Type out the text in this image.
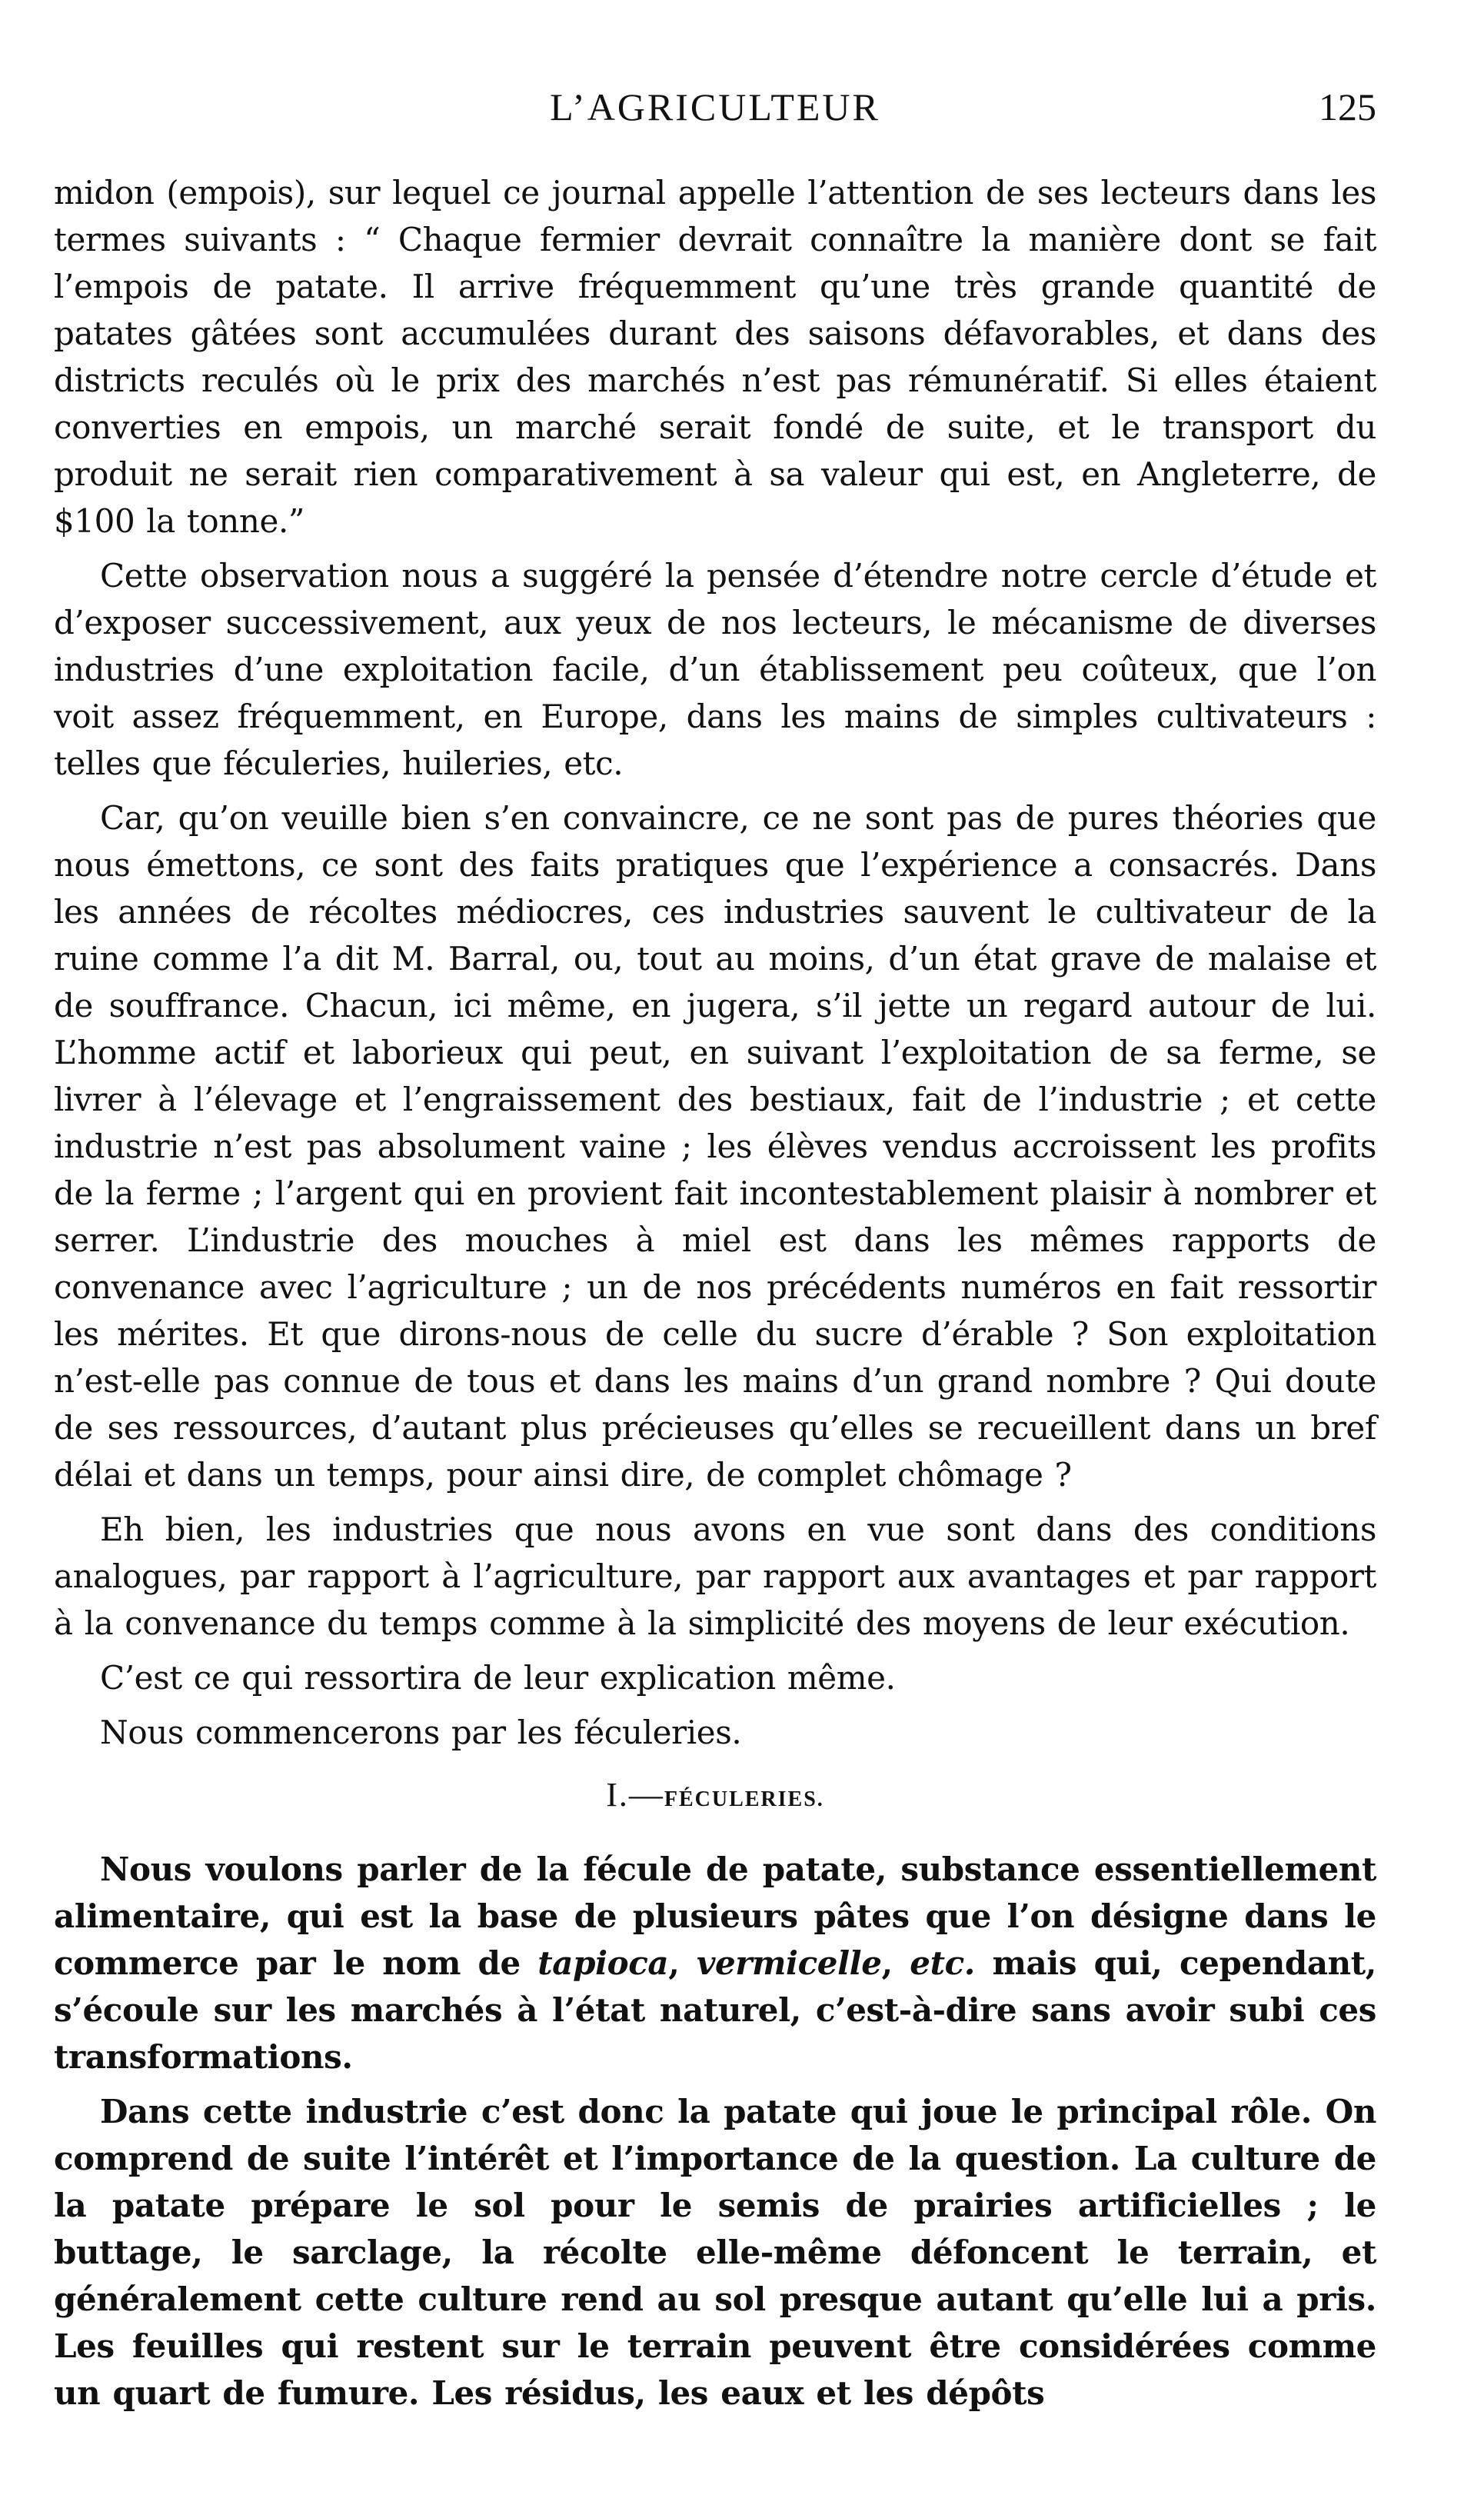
L’AGRICULTEUR	125

midon (empois), sur lequel ce journal appelle l’attention de ses lecteurs dans les termes suivants : “ Chaque fermier devrait connaître la manière dont se fait l’empois de patate. Il arrive fréquemment qu’une très grande quantité de patates gâtées sont accumulées durant des saisons défavorables, et dans des districts reculés où le prix des marchés n’est pas rémunératif. Si elles étaient converties en empois, un marché serait fondé de suite, et le transport du produit ne serait rien comparativement à sa valeur qui est, en Angleterre, de $100 la tonne.”

Cette observation nous a suggéré la pensée d’étendre notre cercle d’étude et d’exposer successivement, aux yeux de nos lecteurs, le mécanisme de diverses industries d’une exploitation facile, d’un établissement peu coûteux, que l’on voit assez fréquemment, en Europe, dans les mains de simples cultivateurs : telles que féculeries, huileries, etc.

Car, qu’on veuille bien s’en convaincre, ce ne sont pas de pures théories que nous émettons, ce sont des faits pratiques que l’expérience a consacrés. Dans les années de récoltes médiocres, ces industries sauvent le cultivateur de la ruine comme l’a dit M. Barral, ou, tout au moins, d’un état grave de malaise et de souffrance. Chacun, ici même, en jugera, s’il jette un regard autour de lui. L’homme actif et laborieux qui peut, en suivant l’exploitation de sa ferme, se livrer à l’élevage et l’engraissement des bestiaux, fait de l’industrie ; et cette industrie n’est pas absolument vaine ; les élèves vendus accroissent les profits de la ferme ; l’argent qui en provient fait incontestablement plaisir à nombrer et serrer. L’industrie des mouches à miel est dans les mêmes rapports de convenance avec l’agriculture ; un de nos précédents numéros en fait ressortir les mérites. Et que dirons-nous de celle du sucre d’érable ? Son exploitation n’est-elle pas connue de tous et dans les mains d’un grand nombre ? Qui doute de ses ressources, d’autant plus précieuses qu’elles se recueillent dans un bref délai et dans un temps, pour ainsi dire, de complet chômage ?

Eh bien, les industries que nous avons en vue sont dans des conditions analogues, par rapport à l’agriculture, par rapport aux avantages et par rapport à la convenance du temps comme à la simplicité des moyens de leur exécution.

C’est ce qui ressortira de leur explication même.

Nous commencerons par les féculeries.

I.—FÉCULERIES.

Nous voulons parler de la fécule de patate, substance essentiellement alimentaire, qui est la base de plusieurs pâtes que l’on désigne dans le commerce par le nom de tapioca, vermicelle, etc. mais qui, cependant, s’écoule sur les marchés à l’état naturel, c’est-à-dire sans avoir subi ces transformations.

Dans cette industrie c’est donc la patate qui joue le principal rôle. On comprend de suite l’intérêt et l’importance de la question. La culture de la patate prépare le sol pour le semis de prairies artificielles ; le buttage, le sarclage, la récolte elle-même défoncent le terrain, et généralement cette culture rend au sol presque autant qu’elle lui a pris. Les feuilles qui restent sur le terrain peuvent être considérées comme un quart de fumure. Les résidus, les eaux et les dépôts
